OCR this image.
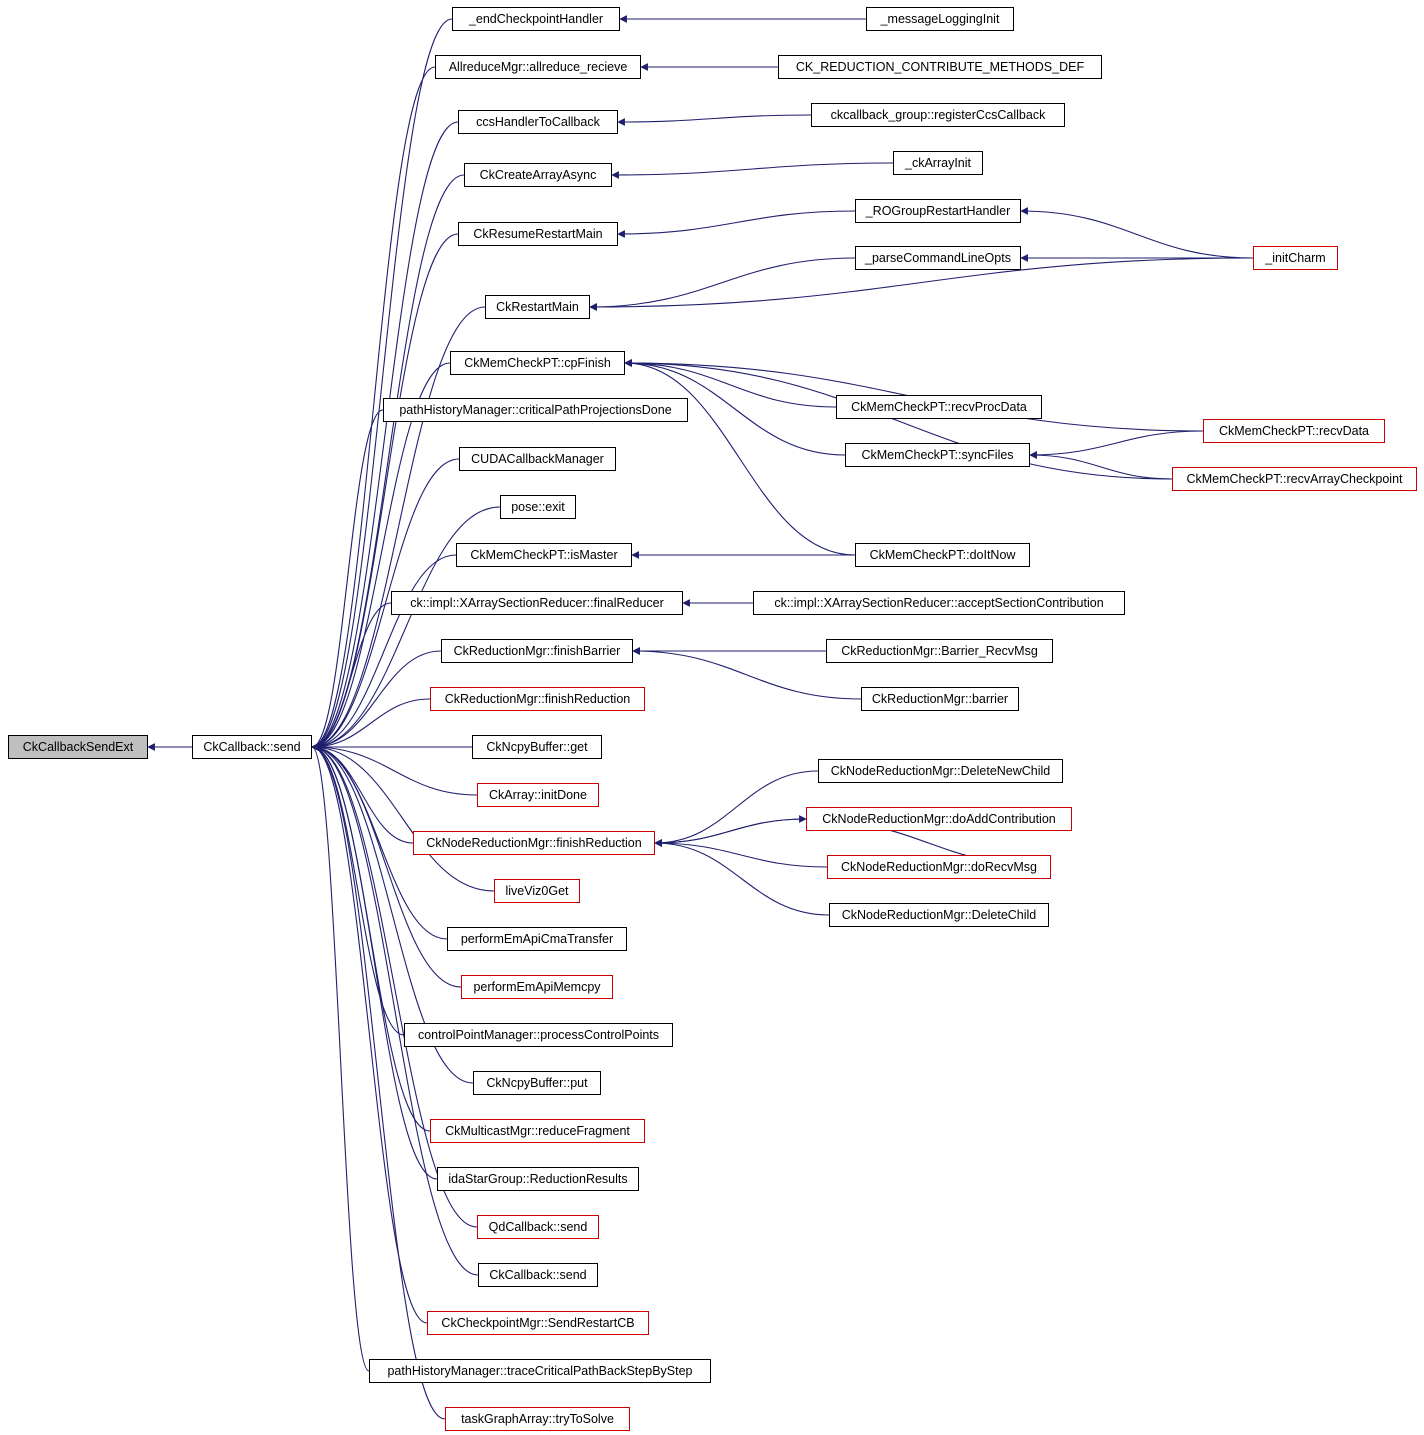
CkCallbackSendExt	CkCallback::send
_endCheckpointHandler	_messageLoggingInit
AllreduceMgr::allreduce_recieve	CK_REDUCTION_CONTRIBUTE_METHODS_DEF
ccsHandlerToCallback	ckcallback_group::registerCcsCallback
CkCreateArrayAsync
_ckArrayInit
CkResumeRestartMain
_ROGroupRestartHandler
_parseCommandLineOpts	_initCharm
CkRestartMain
CkMemCheckPT::cpFinish
pathHistoryManager::criticalPathProjectionsDone	CkMemCheckPT::recvProcData
CkMemCheckPT::recvData
CUDACallbackManager	CkMemCheckPT::syncFiles
CkMemCheckPT::recvArrayCheckpoint
pose::exit
CkMemCheckPT::isMaster	CkMemCheckPT::doItNow
ck::impl::XArraySectionReducer::finalReducer	ck::impl::XArraySectionReducer::acceptSectionContribution
CkReductionMgr::finishBarrier	CkReductionMgr::Barrier_RecvMsg
CkReductionMgr::finishReduction	CkReductionMgr::barrier
CkNcpyBuffer::get
CkNodeReductionMgr::DeleteNewChild
CkArray::initDone
CkNodeReductionMgr::doAddContribution
CkNodeReductionMgr::finishReduction
CkNodeReductionMgr::doRecvMsg
liveViz0Get
CkNodeReductionMgr::DeleteChild
performEmApiCmaTransfer
performEmApiMemcpy
controlPointManager::processControlPoints
CkNcpyBuffer::put
CkMulticastMgr::reduceFragment
idaStarGroup::ReductionResults
QdCallback::send
CkCallback::send
CkCheckpointMgr::SendRestartCB
pathHistoryManager::traceCriticalPathBackStepByStep
taskGraphArray::tryToSolve
